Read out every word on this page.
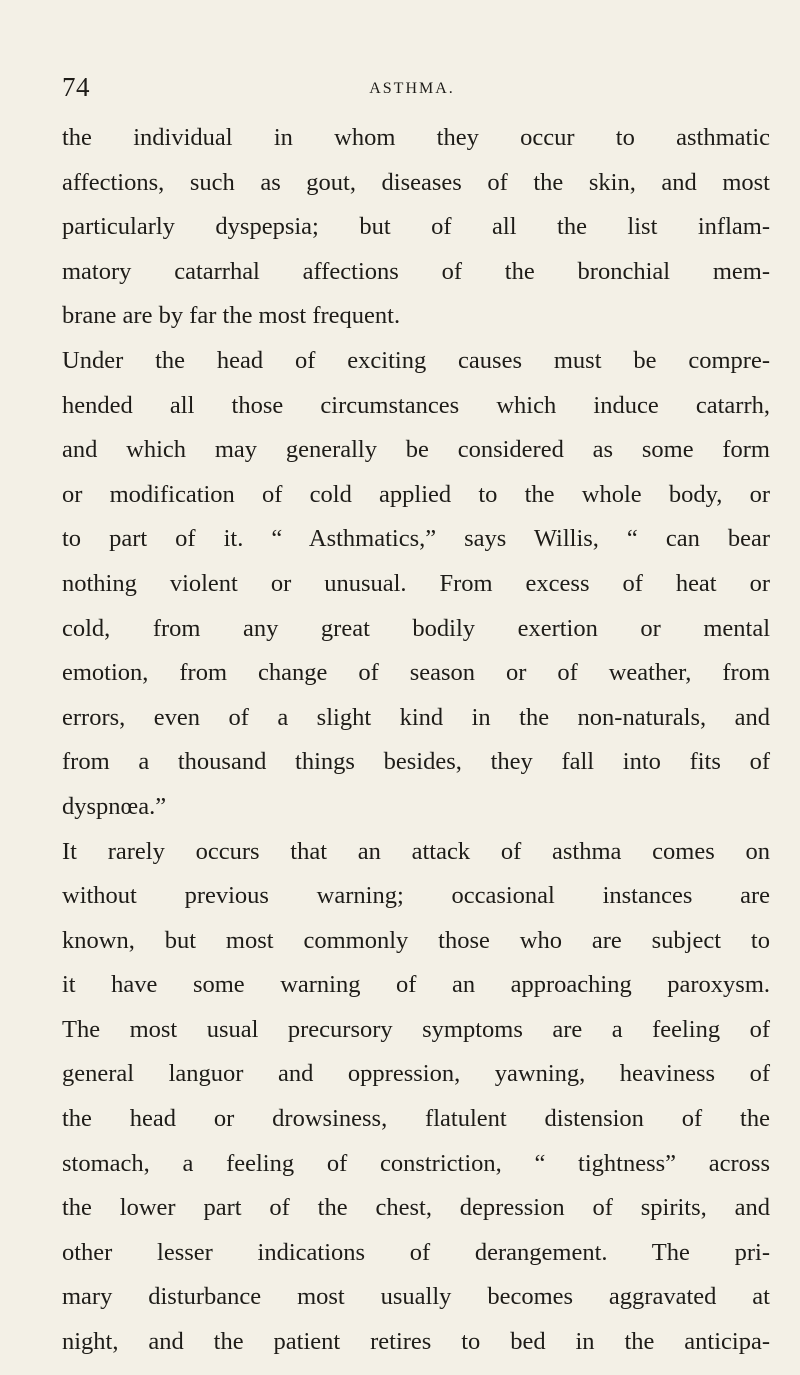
74	ASTHMA.
the individual in whom they occur to asthmatic
affections, such as gout, diseases of the skin, and most
particularly dyspepsia; but of all the list inflam-
matory catarrhal affections of the bronchial mem-
brane are by far the most frequent.
Under the head of exciting causes must be compre-
hended all those circumstances which induce catarrh,
and which may generally be considered as some form
or modification of cold applied to the whole body, or
to part of it. “ Asthmatics,” says Willis, “ can bear
nothing violent or unusual. From excess of heat or
cold, from any great bodily exertion or mental
emotion, from change of season or of weather, from
errors, even of a slight kind in the non-naturals, and
from a thousand things besides, they fall into fits of
dyspnœa.”
It rarely occurs that an attack of asthma comes on
without previous warning; occasional instances are
known, but most commonly those who are subject to
it have some warning of an approaching paroxysm.
The most usual precursory symptoms are a feeling of
general languor and oppression, yawning, heaviness of
the head or drowsiness, flatulent distension of the
stomach, a feeling of constriction, “ tightness” across
the lower part of the chest, depression of spirits, and
other lesser indications of derangement. The pri-
mary disturbance most usually becomes aggravated at
night, and the patient retires to bed in the anticipa-
